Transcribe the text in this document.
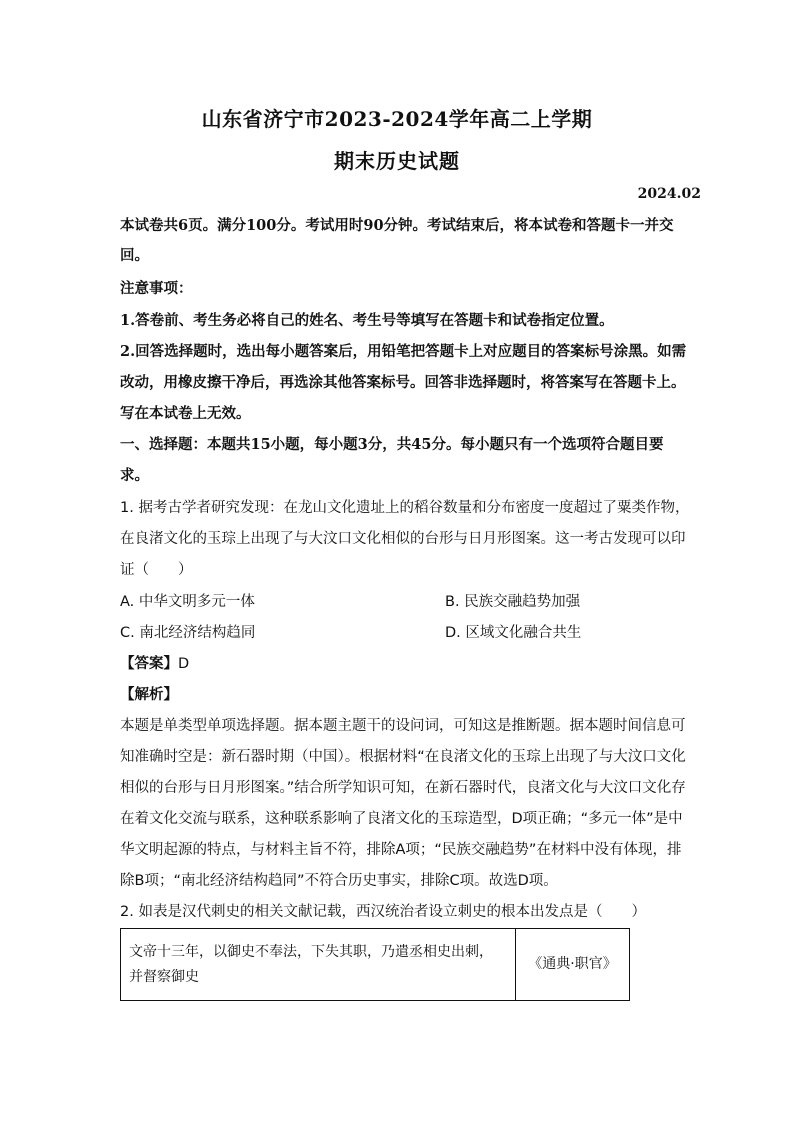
山东省济宁市2023-2024学年高二上学期
期末历史试题
2024.02
本试卷共6页。满分100分。考试用时90分钟。考试结束后，将本试卷和答题卡一并交
回。
注意事项：
1.答卷前、考生务必将自己的姓名、考生号等填写在答题卡和试卷指定位置。
2.回答选择题时，选出每小题答案后，用铅笔把答题卡上对应题目的答案标号涂黑。如需
改动，用橡皮擦干净后，再选涂其他答案标号。回答非选择题时，将答案写在答题卡上。
写在本试卷上无效。
一、选择题：本题共15小题，每小题3分，共45分。每小题只有一个选项符合题目要
求。
1. 据考古学者研究发现：在龙山文化遗址上的稻谷数量和分布密度一度超过了粟类作物，
在良渚文化的玉琮上出现了与大汶口文化相似的台形与日月形图案。这一考古发现可以印
证（　　）
A. 中华文明多元一体	B. 民族交融趋势加强
C. 南北经济结构趋同	D. 区域文化融合共生
【答案】D
【解析】
本题是单类型单项选择题。据本题主题干的设问词，可知这是推断题。据本题时间信息可
知准确时空是：新石器时期（中国）。根据材料“在良渚文化的玉琮上出现了与大汶口文化
相似的台形与日月形图案。”结合所学知识可知，在新石器时代，良渚文化与大汶口文化存
在着文化交流与联系，这种联系影响了良渚文化的玉琮造型，D项正确；“多元一体”是中
华文明起源的特点，与材料主旨不符，排除A项；“民族交融趋势”在材料中没有体现，排
除B项；“南北经济结构趋同”不符合历史事实，排除C项。故选D项。
2. 如表是汉代刺史的相关文献记载，西汉统治者设立刺史的根本出发点是（　　）
文帝十三年，以御史不奉法，下失其职，乃遣丞相史出刺，
并督察御史
	《通典·职官》
